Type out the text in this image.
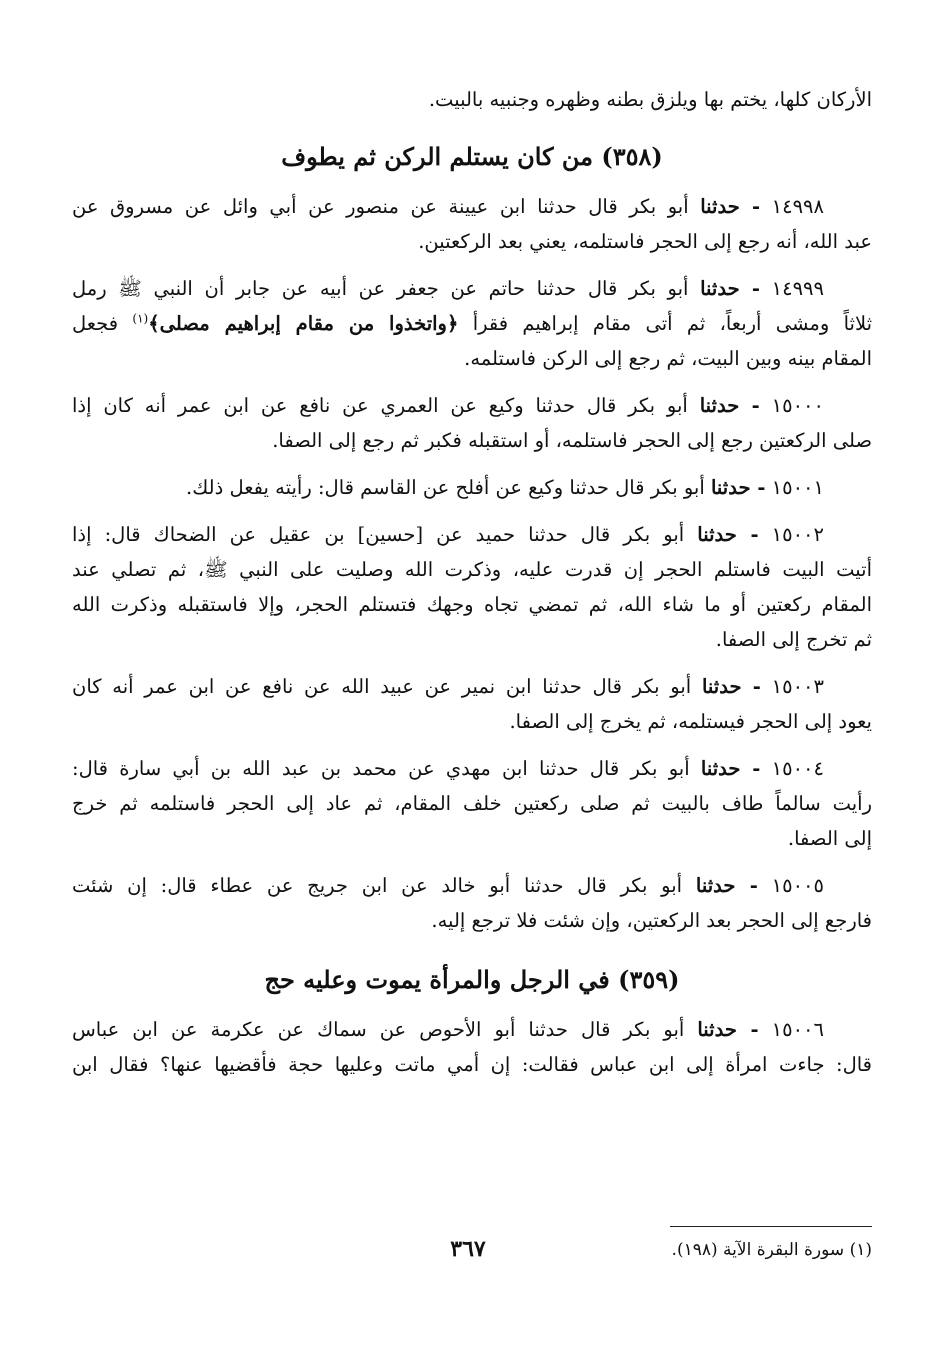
الأركان كلها، يختم بها ويلزق بطنه وظهره وجنبيه بالبيت.

(٣٥٨) من كان يستلم الركن ثم يطوف

١٤٩٩٨ - حدثنا أبو بكر قال حدثنا ابن عيينة عن منصور عن أبي وائل عن مسروق عن

عبد الله، أنه رجع إلى الحجر فاستلمه، يعني بعد الركعتين.

١٤٩٩٩ - حدثنا أبو بكر قال حدثنا حاتم عن جعفر عن أبيه عن جابر أن النبي ﷺ رمل

ثلاثاً ومشى أربعاً، ثم أتى مقام إبراهيم فقرأ ﴿واتخذوا من مقام إبراهيم مصلى﴾$^{(١)}$ فجعل

المقام بينه وبين البيت، ثم رجع إلى الركن فاستلمه.

١٥٠٠٠ - حدثنا أبو بكر قال حدثنا وكيع عن العمري عن نافع عن ابن عمر أنه كان إذا

صلى الركعتين رجع إلى الحجر فاستلمه، أو استقبله فكبر ثم رجع إلى الصفا.

١٥٠٠١ - حدثنا أبو بكر قال حدثنا وكيع عن أفلح عن القاسم قال: رأيته يفعل ذلك.

١٥٠٠٢ - حدثنا أبو بكر قال حدثنا حميد عن [حسين] بن عقيل عن الضحاك قال: إذا

أتيت البيت فاستلم الحجر إن قدرت عليه، وذكرت الله وصليت على النبي ﷺ، ثم تصلي عند

المقام ركعتين أو ما شاء الله، ثم تمضي تجاه وجهك فتستلم الحجر، وإلا فاستقبله وذكرت الله

ثم تخرج إلى الصفا.

١٥٠٠٣ - حدثنا أبو بكر قال حدثنا ابن نمير عن عبيد الله عن نافع عن ابن عمر أنه كان

يعود إلى الحجر فيستلمه، ثم يخرج إلى الصفا.

١٥٠٠٤ - حدثنا أبو بكر قال حدثنا ابن مهدي عن محمد بن عبد الله بن أبي سارة قال:

رأيت سالماً طاف بالبيت ثم صلى ركعتين خلف المقام، ثم عاد إلى الحجر فاستلمه ثم خرج

إلى الصفا.

١٥٠٠٥ - حدثنا أبو بكر قال حدثنا أبو خالد عن ابن جريج عن عطاء قال: إن شئت

فارجع إلى الحجر بعد الركعتين، وإن شئت فلا ترجع إليه.

(٣٥٩) في الرجل والمرأة يموت وعليه حج

١٥٠٠٦ - حدثنا أبو بكر قال حدثنا أبو الأحوص عن سماك عن عكرمة عن ابن عباس

قال: جاءت امرأة إلى ابن عباس فقالت: إن أمي ماتت وعليها حجة فأقضيها عنها؟ فقال ابن

(١) سورة البقرة الآية (١٩٨).
٣٦٧
